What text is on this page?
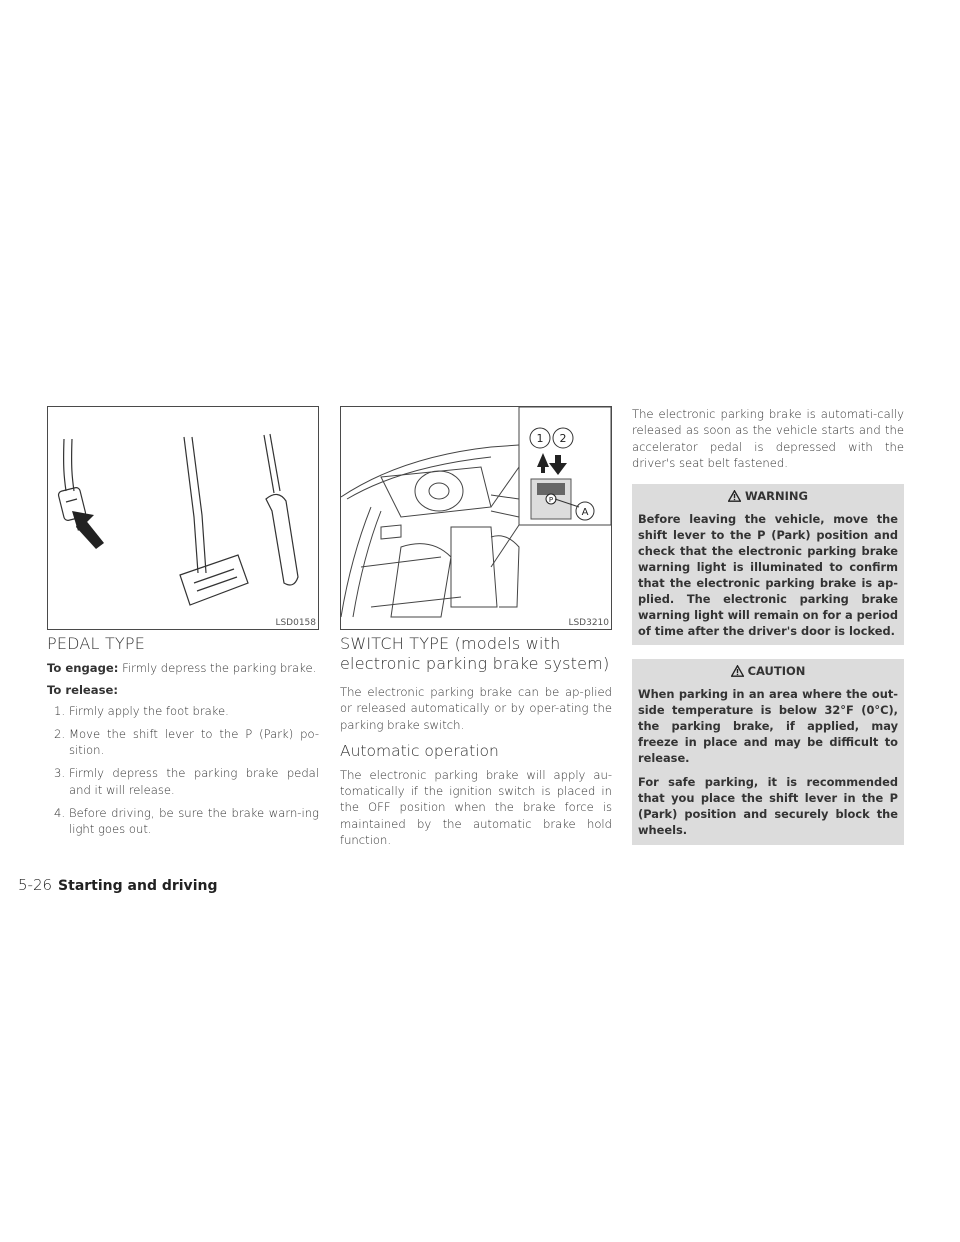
LSD0158
1 2
P
A
LSD3210
PEDAL TYPE

To engage: Firmly depress the parking brake.

To release:

1. Firmly apply the foot brake.
2. Move the shift lever to the P (Park) po-sition.
3. Firmly depress the parking brake pedal and it will release.
4. Before driving, be sure the brake warn-ing light goes out.
SWITCH TYPE (models with electronic parking brake system)

The electronic parking brake can be ap-plied or released automatically or by oper-ating the parking brake switch.

Automatic operation

The electronic parking brake will apply au-tomatically if the ignition switch is placed in the OFF position when the brake force is maintained by the automatic brake hold function.

The electronic parking brake is automati-cally released as soon as the vehicle starts and the accelerator pedal is depressed with the driver's seat belt fastened.

WARNING

Before leaving the vehicle, move the shift lever to the P (Park) position and check that the electronic parking brake warning light is illuminated to confirm that the electronic parking brake is ap-plied. The electronic parking brake warning light will remain on for a period of time after the driver's door is locked.

CAUTION

When parking in an area where the out-side temperature is below 32°F (0°C), the parking brake, if applied, may freeze in place and may be difficult to release.

For safe parking, it is recommended that you place the shift lever in the P (Park) position and securely block the wheels.

5-26 Starting and driving
